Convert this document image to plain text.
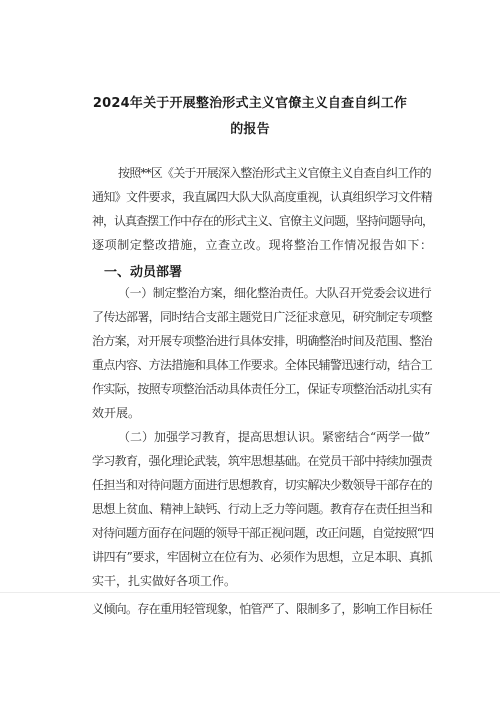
2024年关于开展整治形式主义官僚主义自查自纠工作
的报告
按照**区《关于开展深入整治形式主义官僚主义自查自纠工作的
通知》文件要求，我直属四大队大队高度重视，认真组织学习文件精
神，认真查摆工作中存在的形式主义、官僚主义问题，坚持问题导向，
逐项制定整改措施，立查立改。现将整治工作情况报告如下：
一、动员部署
（一）制定整治方案，细化整治责任。大队召开党委会议进行
了传达部署，同时结合支部主题党日广泛征求意见，研究制定专项整
治方案，对开展专项整治进行具体安排，明确整治时间及范围、整治
重点内容、方法措施和具体工作要求。全体民辅警迅速行动，结合工
作实际，按照专项整治活动具体责任分工，保证专项整治活动扎实有
效开展。
（二）加强学习教育，提高思想认识。紧密结合“两学一做”
学习教育，强化理论武装，筑牢思想基础。在党员干部中持续加强责
任担当和对待问题方面进行思想教育，切实解决少数领导干部存在的
思想上贫血、精神上缺钙、行动上乏力等问题。教育存在责任担当和
对待问题方面存在问题的领导干部正视问题，改正问题，自觉按照“四
讲四有”要求，牢固树立在位有为、必须作为思想，立足本职、真抓
实干，扎实做好各项工作。
义倾向。存在重用轻管现象，怕管严了、限制多了，影响工作目标任
